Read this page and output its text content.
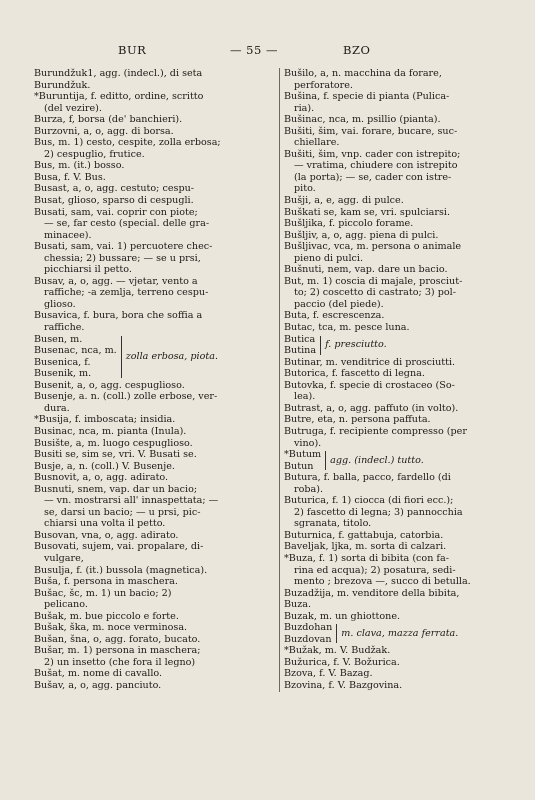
BUR	— 55 —	BZO
Burundžuk1, agg. (indecl.), di seta
Burundžuk.
*Buruntija, f. editto, ordine, scritto
(del vezire).
Burza, f, borsa (de' banchieri).
Burzovni, a, o, agg. di borsa.
Bus, m. 1) cesto, cespite, zolla erbosa;
2) cespuglio, frutice.
Bus, m. (it.) bosso.
Busa, f. V. Bus.
Busast, a, o, agg. cestuto; cespu-
Busat, glioso, sparso di cespugli.
Busati, sam, vai. coprir con piote;
— se, far cesto (special. delle gra-
minacee).
Busati, sam, vai. 1) percuotere chec-
chessia; 2) bussare; — se u prsi,
picchiarsi il petto.
Busav, a, o, agg. — vjetar, vento a
raffiche; -a zemlja, terreno cespu-
glioso.
Busavica, f. bura, bora che soffia a
raffiche.
Busen, m.
Busenac, nca, m.
Busenica, f.
Busenik, m.
zolla erbosa, piota.
Busenit, a, o, agg. cespuglioso.
Busenje, a. n. (coll.) zolle erbose, ver-
dura.
*Busija, f. imboscata; insidia.
Businac, nca, m. pianta (Inula).
Busište, a, m. luogo cespuglioso.
Busiti se, sim se, vri. V. Busati se.
Busje, a, n. (coll.) V. Busenje.
Busnovit, a, o, agg. adirato.
Busnuti, snem, vap. dar un bacio;
— vn. mostrarsi all' innaspettata; —
se, darsi un bacio; — u prsi, pic-
chiarsi una volta il petto.
Busovan, vna, o, agg. adirato.
Busovati, sujem, vai. propalare, di-
vulgare,
Busulja, f. (it.) bussola (magnetica).
Buša, f. persona in maschera.
Bušac, šc, m. 1) un bacio; 2)
pelicano.
Bušak, m. bue piccolo e forte.
Bušak, ška, m. noce verminosa.
Bušan, šna, o, agg. forato, bucato.
Bušar, m. 1) persona in maschera;
2) un insetto (che fora il legno)
Bušat, m. nome di cavallo.
Bušav, a, o, agg. panciuto.
Bušilo, a, n. macchina da forare,
perforatore.
Bušina, f. specie di pianta (Pulica-
ria).
Bušinac, nca, m. psillio (pianta).
Bušiti, šim, vai. forare, bucare, suc-
chiellare.
Bušiti, šim, vnp. cader con istrepito;
— vratima, chiudere con istrepito
(la porta); — se, cader con istre-
pito.
Bušji, a, e, agg. di pulce.
Buškati se, kam se, vri. spulciarsi.
Bušljika, f. piccolo forame.
Bušljiv, a, o, agg. piena di pulci.
Bušljivac, vca, m. persona o animale
pieno di pulci.
Bušnuti, nem, vap. dare un bacio.
But, m. 1) coscia di majale, prosciut-
to; 2) coscetto di castrato; 3) pol-
paccio (del piede).
Buta, f. escrescenza.
Butac, tca, m. pesce luna.
Butica
Butina
f. presciutto.
Butinar, m. venditrice di prosciutti.
Butorica, f. fascetto di legna.
Butovka, f. specie di crostaceo (So-
lea).
Butrast, a, o, agg. paffuto (in volto).
Butre, eta, n. persona paffuta.
Butruga, f. recipiente compresso (per
vino).
*Butum
Butun
agg. (indecl.) tutto.
Butura, f. balla, pacco, fardello (di
roba).
Buturica, f. 1) ciocca (di fiori ecc.);
2) fascetto di legna; 3) pannocchia
sgranata, titolo.
Buturnica, f. gattabuja, catorbia.
Baveljak, ljka, m. sorta di calzari.
*Buza, f. 1) sorta di bibita (con fa-
rina ed acqua); 2) posatura, sedi-
mento ; brezova —, succo di betulla.
Buzadžija, m. venditore della bibita,
Buza.
Buzak, m. un ghiottone.
Buzdohan
Buzdovan
m. clava, mazza ferrata.
*Bužak, m. V. Budžak.
Bužurica, f. V. Božurica.
Bzova, f. V. Bazag.
Bzovina, f. V. Bazgovina.
